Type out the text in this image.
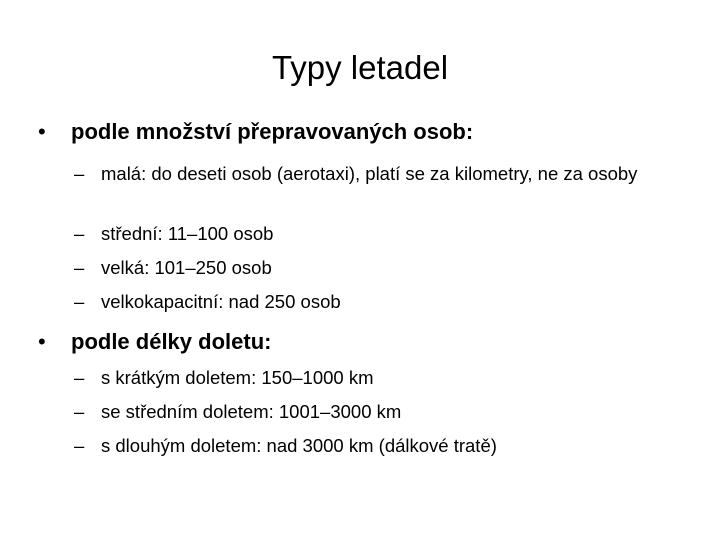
Typy letadel
• podle množství přepravovaných osob:
– malá: do deseti osob (aerotaxi), platí se za kilometry, ne za osoby
– střední: 11–100 osob
– velká: 101–250 osob
– velkokapacitní: nad 250 osob
• podle délky doletu:
– s krátkým doletem: 150–1000 km
– se středním doletem: 1001–3000 km
– s dlouhým doletem: nad 3000 km (dálkové tratě)
